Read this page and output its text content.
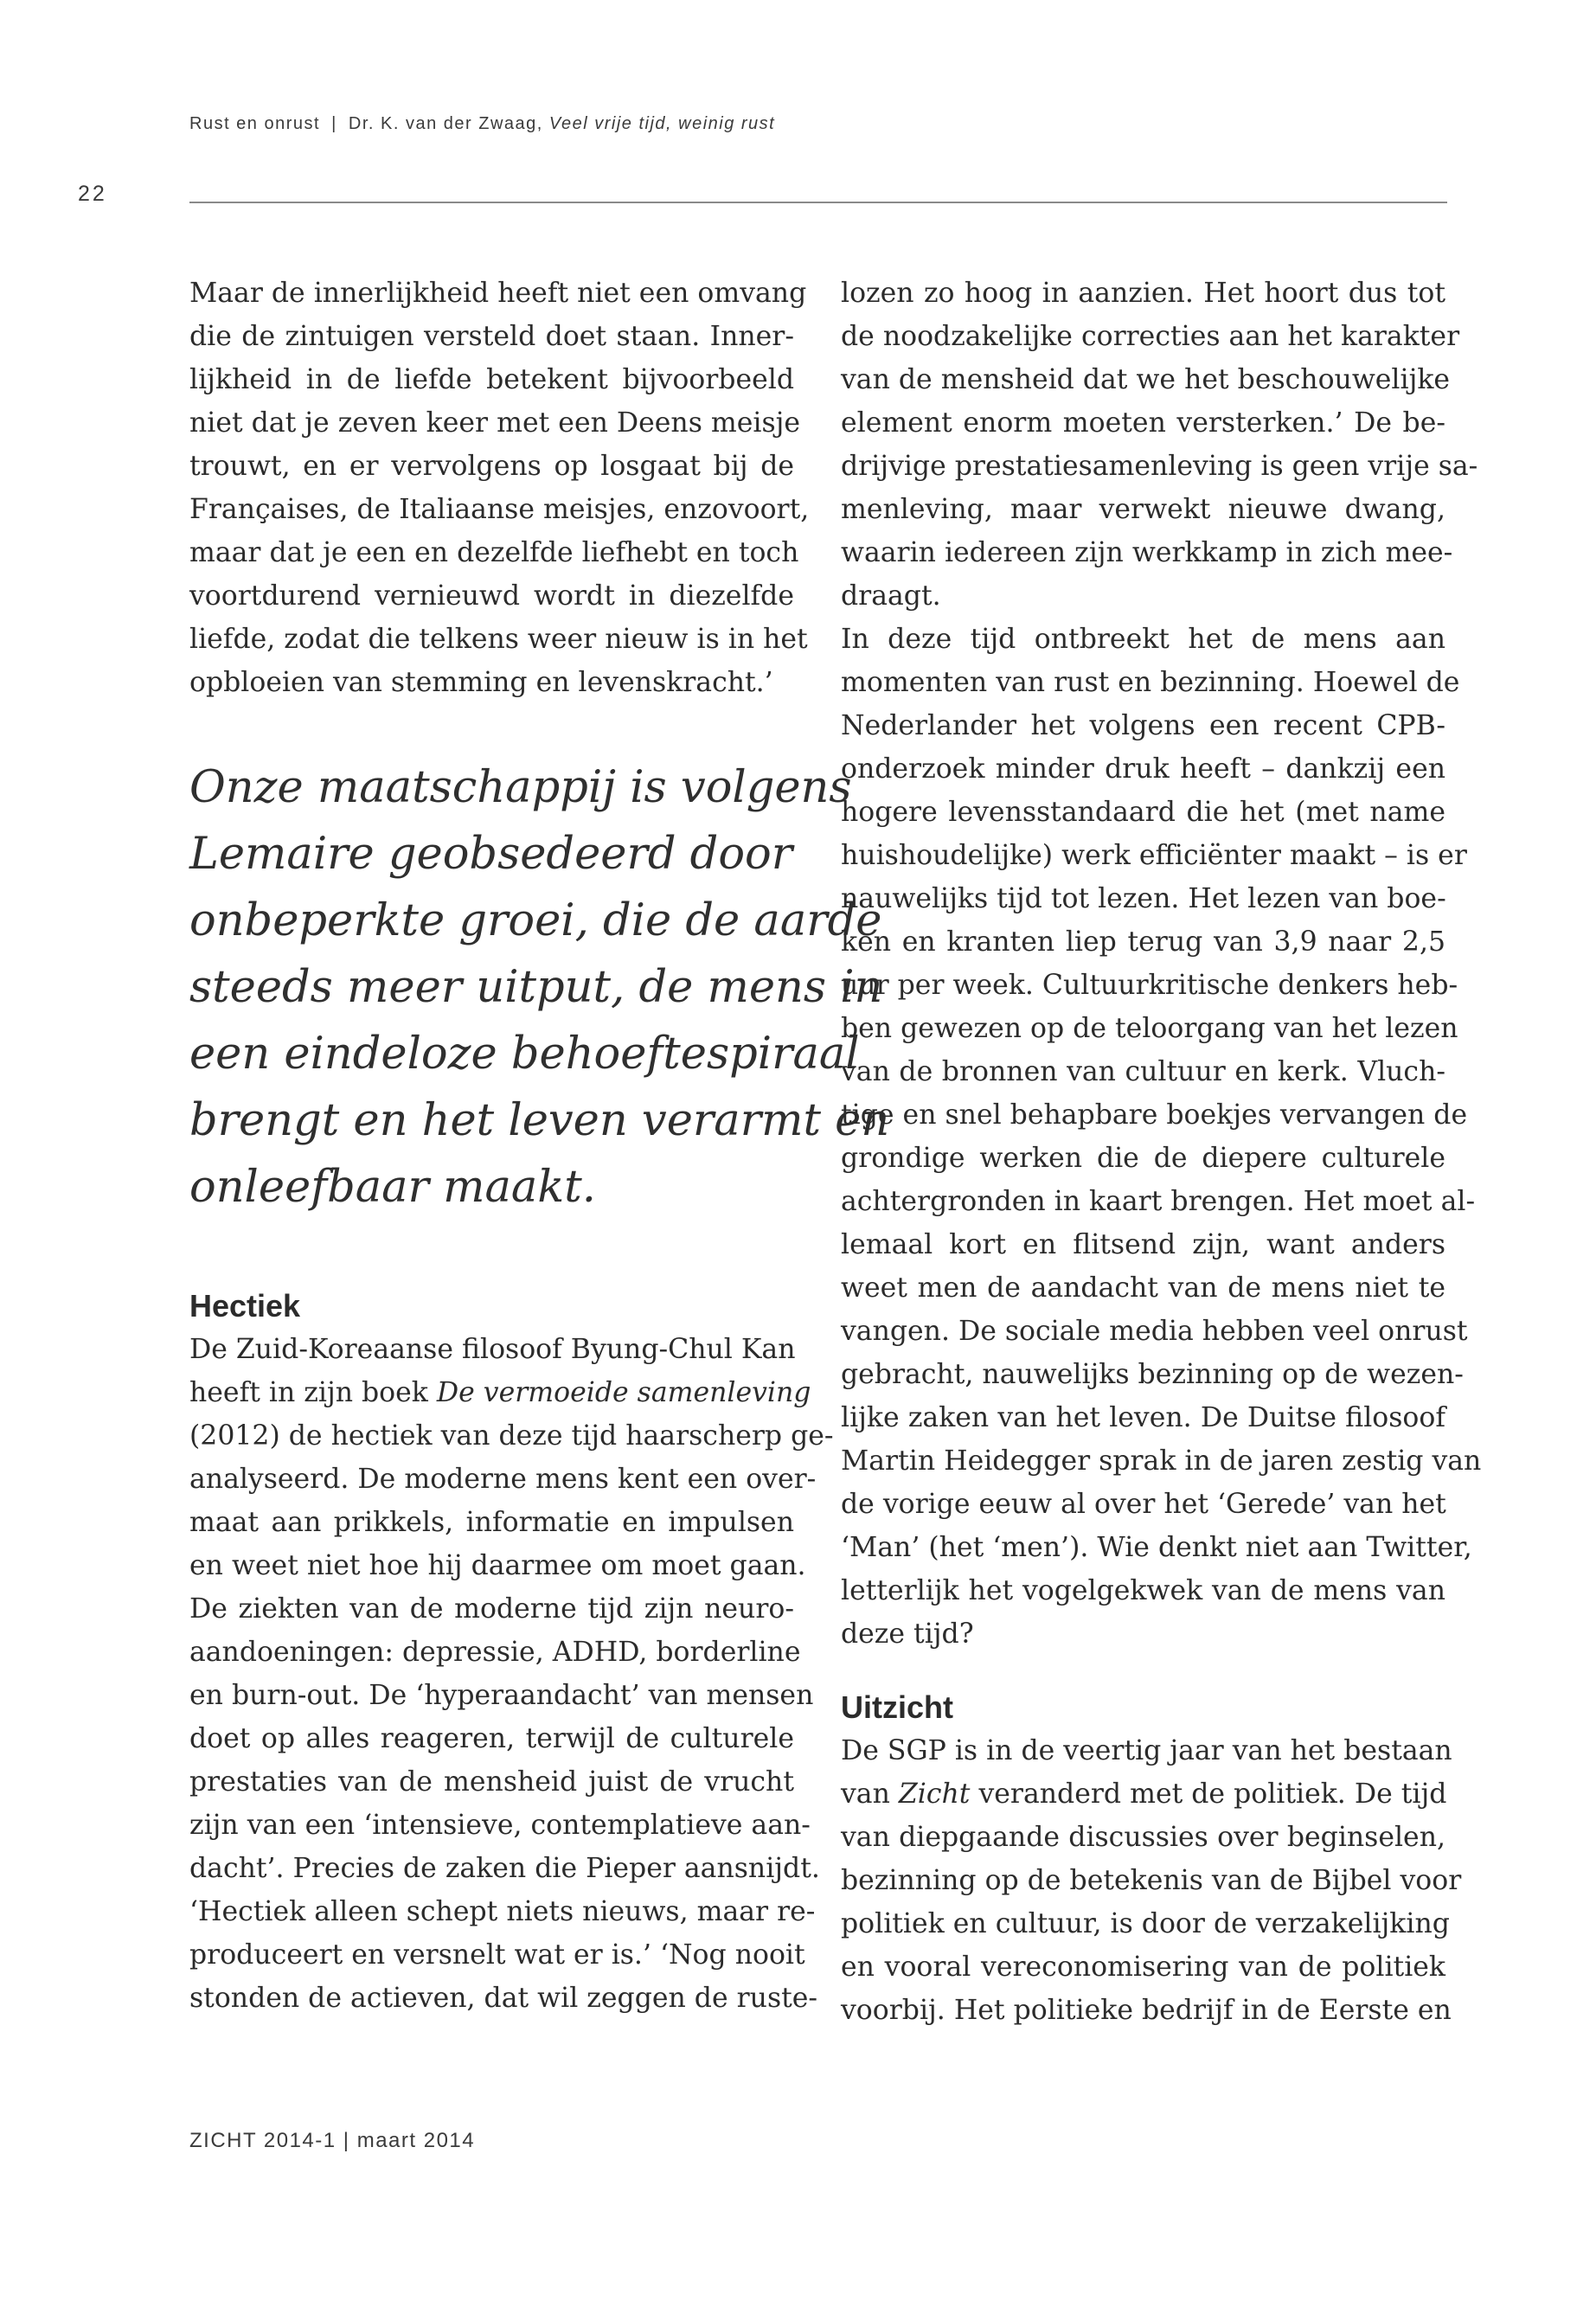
Rust en onrust | Dr. K. van der Zwaag, Veel vrije tijd, weinig rust
22
Maar de innerlijkheid heeft niet een omvang
die de zintuigen versteld doet staan. Inner-
lijkheid in de liefde betekent bijvoorbeeld
niet dat je zeven keer met een Deens meisje
trouwt, en er vervolgens op losgaat bij de
Françaises, de Italiaanse meisjes, enzovoort,
maar dat je een en dezelfde liefhebt en toch
voortdurend vernieuwd wordt in diezelfde
liefde, zodat die telkens weer nieuw is in het
opbloeien van stemming en levenskracht.’
Onze maatschappij is volgens
Lemaire geobsedeerd door
onbeperkte groei, die de aarde
steeds meer uitput, de mens in
een eindeloze behoeftespiraal
brengt en het leven verarmt en
onleefbaar maakt.
Hectiek
De Zuid-Koreaanse filosoof Byung-Chul Kan
heeft in zijn boek De vermoeide samenleving
(2012) de hectiek van deze tijd haarscherp ge-
analyseerd. De moderne mens kent een over-
maat aan prikkels, informatie en impulsen
en weet niet hoe hij daarmee om moet gaan.
De ziekten van de moderne tijd zijn neuro-
aandoeningen: depressie, ADHD, borderline
en burn-out. De ‘hyperaandacht’ van mensen
doet op alles reageren, terwijl de culturele
prestaties van de mensheid juist de vrucht
zijn van een ‘intensieve, contemplatieve aan-
dacht’. Precies de zaken die Pieper aansnijdt.
‘Hectiek alleen schept niets nieuws, maar re-
produceert en versnelt wat er is.’ ‘Nog nooit
stonden de actieven, dat wil zeggen de ruste-
lozen zo hoog in aanzien. Het hoort dus tot
de noodzakelijke correcties aan het karakter
van de mensheid dat we het beschouwelijke
element enorm moeten versterken.’ De be-
drijvige prestatiesamenleving is geen vrije sa-
menleving, maar verwekt nieuwe dwang,
waarin iedereen zijn werkkamp in zich mee-
draagt.
In deze tijd ontbreekt het de mens aan
momenten van rust en bezinning. Hoewel de
Nederlander het volgens een recent CPB-
onderzoek minder druk heeft – dankzij een
hogere levensstandaard die het (met name
huishoudelijke) werk efficiënter maakt – is er
nauwelijks tijd tot lezen. Het lezen van boe-
ken en kranten liep terug van 3,9 naar 2,5
uur per week. Cultuurkritische denkers heb-
ben gewezen op de teloorgang van het lezen
van de bronnen van cultuur en kerk. Vluch-
tige en snel behapbare boekjes vervangen de
grondige werken die de diepere culturele
achtergronden in kaart brengen. Het moet al-
lemaal kort en flitsend zijn, want anders
weet men de aandacht van de mens niet te
vangen. De sociale media hebben veel onrust
gebracht, nauwelijks bezinning op de wezen-
lijke zaken van het leven. De Duitse filosoof
Martin Heidegger sprak in de jaren zestig van
de vorige eeuw al over het ‘Gerede’ van het
‘Man’ (het ‘men’). Wie denkt niet aan Twitter,
letterlijk het vogelgekwek van de mens van
deze tijd?
Uitzicht
De SGP is in de veertig jaar van het bestaan
van Zicht veranderd met de politiek. De tijd
van diepgaande discussies over beginselen,
bezinning op de betekenis van de Bijbel voor
politiek en cultuur, is door de verzakelijking
en vooral vereconomisering van de politiek
voorbij. Het politieke bedrijf in de Eerste en
ZICHT 2014-1 | maart 2014
